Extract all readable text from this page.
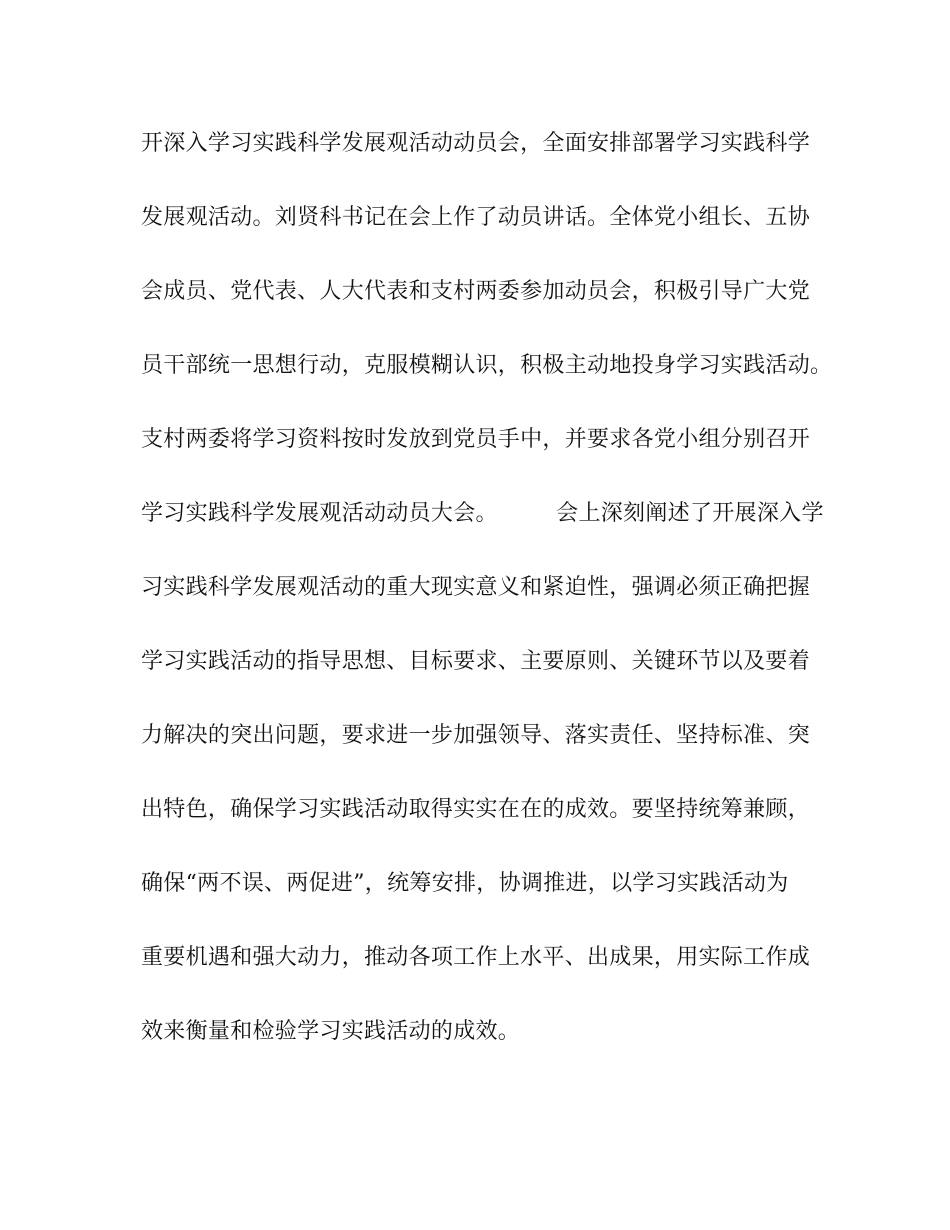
开深入学习实践科学发展观活动动员会，全面安排部署学习实践科学
发展观活动。刘贤科书记在会上作了动员讲话。全体党小组长、五协
会成员、党代表、人大代表和支村两委参加动员会，积极引导广大党
员干部统一思想行动，克服模糊认识，积极主动地投身学习实践活动。
支村两委将学习资料按时发放到党员手中，并要求各党小组分别召开
学习实践科学发展观活动动员大会。        会上深刻阐述了开展深入学
习实践科学发展观活动的重大现实意义和紧迫性，强调必须正确把握
学习实践活动的指导思想、目标要求、主要原则、关键环节以及要着
力解决的突出问题，要求进一步加强领导、落实责任、坚持标准、突
出特色，确保学习实践活动取得实实在在的成效。要坚持统筹兼顾，
确保“两不误、两促进”，统筹安排，协调推进，以学习实践活动为
重要机遇和强大动力，推动各项工作上水平、出成果，用实际工作成
效来衡量和检验学习实践活动的成效。
